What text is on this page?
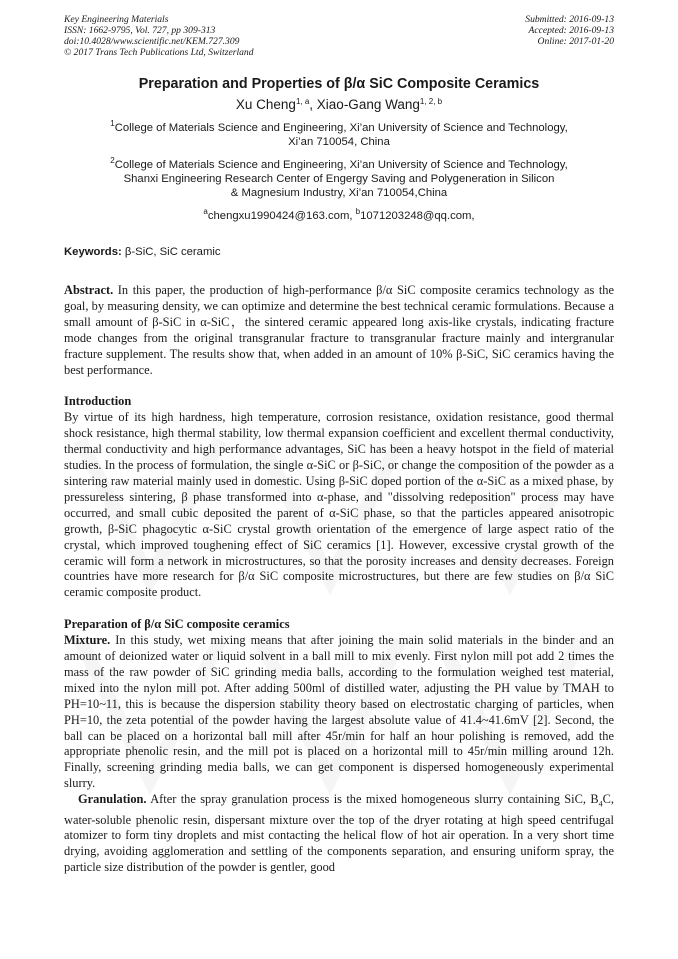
Key Engineering Materials
ISSN: 1662-9795, Vol. 727, pp 309-313
doi:10.4028/www.scientific.net/KEM.727.309
© 2017 Trans Tech Publications Ltd, Switzerland
Submitted: 2016-09-13
Accepted: 2016-09-13
Online: 2017-01-20
Preparation and Properties of β/α SiC Composite Ceramics
Xu Cheng$^{1, a}$, Xiao-Gang Wang$^{1, 2, b}$
$^1$College of Materials Science and Engineering, Xi’an University of Science and Technology,
Xi’an 710054, China
$^2$College of Materials Science and Engineering, Xi’an University of Science and Technology,
Shanxi Engineering Research Center of Engergy Saving and Polygeneration in Silicon
& Magnesium Industry, Xi’an 710054,China
$^a$chengxu1990424@163.com, $^b$1071203248@qq.com,
Keywords: β-SiC, SiC ceramic

Abstract. In this paper, the production of high-performance β/α SiC composite ceramics technology as the goal, by measuring density, we can optimize and determine the best technical ceramic formulations. Because a small amount of β-SiC in α-SiC，the sintered ceramic appeared long axis-like crystals, indicating fracture mode changes from the original transgranular fracture to transgranular fracture mainly and intergranular fracture supplement. The results show that, when added in an amount of 10% β-SiC, SiC ceramics having the best performance.

Introduction

By virtue of its high hardness, high temperature, corrosion resistance, oxidation resistance, good thermal shock resistance, high thermal stability, low thermal expansion coefficient and excellent thermal conductivity, thermal conductivity and high performance advantages, SiC has been a heavy hotspot in the field of material studies. In the process of formulation, the single α-SiC or β-SiC, or change the composition of the powder as a sintering raw material mainly used in domestic. Using β-SiC doped portion of the α-SiC as a mixed phase, by pressureless sintering, β phase transformed into α-phase, and "dissolving redeposition" process may have occurred, and small cubic deposited the parent of α-SiC phase, so that the particles appeared anisotropic growth, β-SiC phagocytic α-SiC crystal growth orientation of the emergence of large aspect ratio of the crystal, which improved toughening effect of SiC ceramics [1]. However, excessive crystal growth of the ceramic will form a network in microstructures, so that the porosity increases and density decreases. Foreign countries have more research for β/α SiC composite microstructures, but there are few studies on β/α SiC ceramic composite product.

Preparation of β/α SiC composite ceramics

Mixture. In this study, wet mixing means that after joining the main solid materials in the binder and an amount of deionized water or liquid solvent in a ball mill to mix evenly. First nylon mill pot add 2 times the mass of the raw powder of SiC grinding media balls, according to the formulation weighed test material, mixed into the nylon mill pot. After adding 500ml of distilled water, adjusting the PH value by TMAH to PH=10~11, this is because the dispersion stability theory based on electrostatic charging of particles, when PH=10, the zeta potential of the powder having the largest absolute value of 41.4~41.6mV [2]. Second, the ball can be placed on a horizontal ball mill after 45r/min for half an hour polishing is removed, add the appropriate phenolic resin, and the mill pot is placed on a horizontal mill to 45r/min milling around 12h. Finally, screening grinding media balls, we can get component is dispersed homogeneously experimental slurry.

Granulation. After the spray granulation process is the mixed homogeneous slurry containing SiC, $B_4C$, water-soluble phenolic resin, dispersant mixture over the top of the dryer rotating at high speed centrifugal atomizer to form tiny droplets and mist contacting the helical flow of hot air operation. In a very short time drying, avoiding agglomeration and settling of the components separation, and ensuring uniform spray, the particle size distribution of the powder is gentler, good
